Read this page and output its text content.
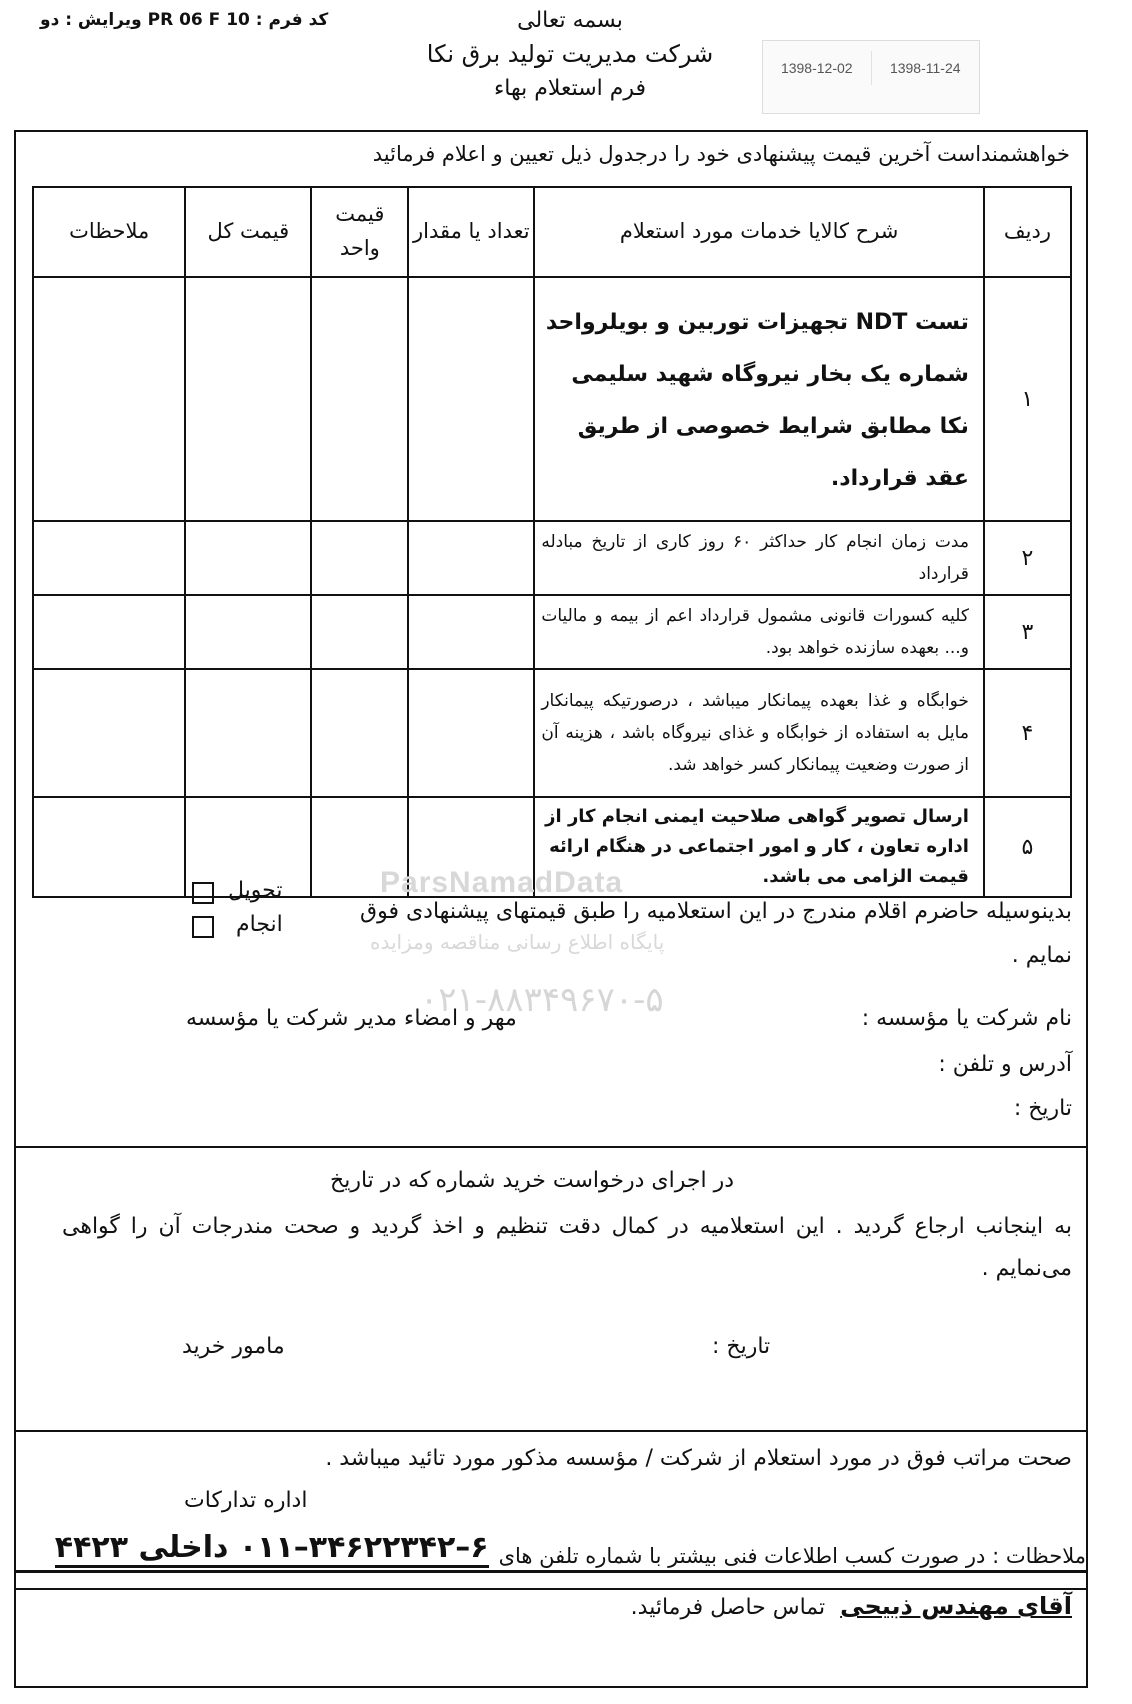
بسمه تعالی
شرکت مدیریت تولید برق نکا
فرم استعلام بهاء
کد فرم : PR 06 F 10 ویرایش : دو
1398-12-02	1398-11-24
خواهشمنداست آخرین قیمت پیشنهادی خود را درجدول ذیل تعیین و اعلام فرمائید
ردیف	شرح کالایا خدمات مورد استعلام	تعداد یا مقدار	قیمت واحد	قیمت کل	ملاحظات
۱	تست NDT تجهیزات توربین و بویلرواحد شماره یک بخار نیروگاه شهید سلیمی نکا مطابق شرایط خصوصی از طریق عقد قرارداد.				
۲	مدت زمان انجام کار حداکثر ۶۰ روز کاری از تاریخ مبادله قرارداد				
۳	کلیه کسورات قانونی مشمول قرارداد اعم از بیمه و مالیات و... بعهده سازنده خواهد بود.				
۴	خوابگاه و غذا بعهده پیمانکار میباشد ، درصورتیکه پیمانکار مایل به استفاده از خوابگاه و غذای نیروگاه باشد ، هزینه آن از صورت وضعیت پیمانکار کسر خواهد شد.				
۵	ارسال تصویر گواهی صلاحیت ایمنی انجام کار از اداره تعاون ، کار و امور اجتماعی در هنگام ارائه قیمت الزامی می باشد.				
ParsNamadData
پایگاه اطلاع رسانی مناقصه ومزایده
۰۲۱-۸۸۳۴۹۶۷۰-۵
تحویل
انجام
بدینوسیله حاضرم اقلام مندرج در این استعلامیه را طبق قیمتهای پیشنهادی فوق نمایم .
نام شرکت یا مؤسسه :
مهر و امضاء مدیر شرکت یا مؤسسه
آدرس و تلفن :
تاریخ :
در اجرای درخواست خرید شماره
که در تاریخ
به اینجانب ارجاع گردید . این استعلامیه در کمال دقت تنظیم و اخذ گردید و صحت مندرجات آن را گواهی می‌نمایم .
تاریخ :
مامور خرید
صحت مراتب فوق در مورد استعلام از شرکت / مؤسسه مذکور مورد تائید میباشد .
اداره تدارکات
ملاحظات : در صورت کسب اطلاعات فنی بیشتر با شماره تلفن های
۶–۳۴۶۲۲۳۴۲–۰۱۱ داخلی ۴۴۲۳
آقای مهندس ذبیحی تماس حاصل فرمائید.
